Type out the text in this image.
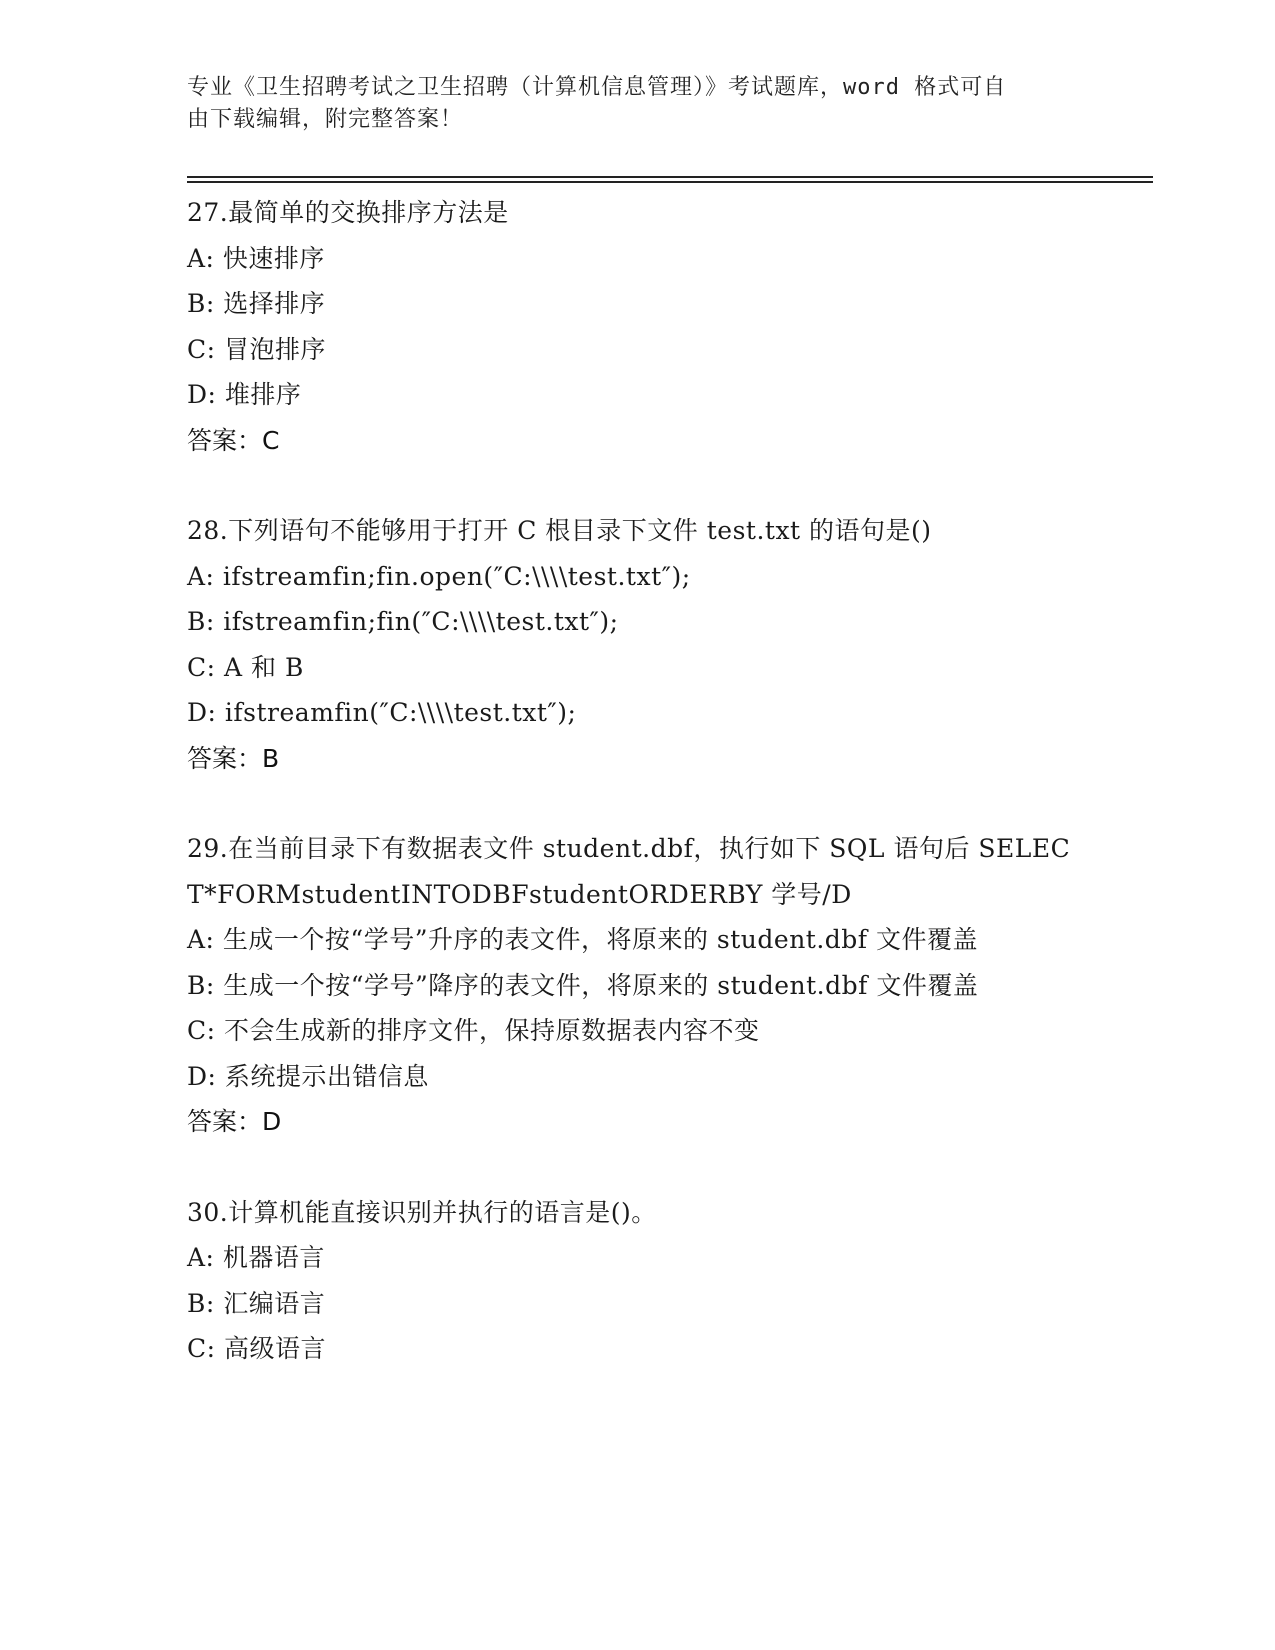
专业《卫生招聘考试之卫生招聘（计算机信息管理）》考试题库，word 格式可自
由下载编辑，附完整答案！
27.最简单的交换排序方法是
A: 快速排序
B: 选择排序
C: 冒泡排序
D: 堆排序
答案：C
28.下列语句不能够用于打开 C 根目录下文件 test.txt 的语句是()
A: ifstreamfin;fin.open(″C:\\\\test.txt″);
B: ifstreamfin;fin(″C:\\\\test.txt″);
C: A 和 B
D: ifstreamfin(″C:\\\\test.txt″);
答案：B
29.在当前目录下有数据表文件 student.dbf，执行如下 SQL 语句后 SELECT*FORMstudentINTODBFstudentORDERBY 学号/D
A: 生成一个按“学号”升序的表文件，将原来的 student.dbf 文件覆盖
B: 生成一个按“学号”降序的表文件，将原来的 student.dbf 文件覆盖
C: 不会生成新的排序文件，保持原数据表内容不变
D: 系统提示出错信息
答案：D
30.计算机能直接识别并执行的语言是()。
A: 机器语言
B: 汇编语言
C: 高级语言
